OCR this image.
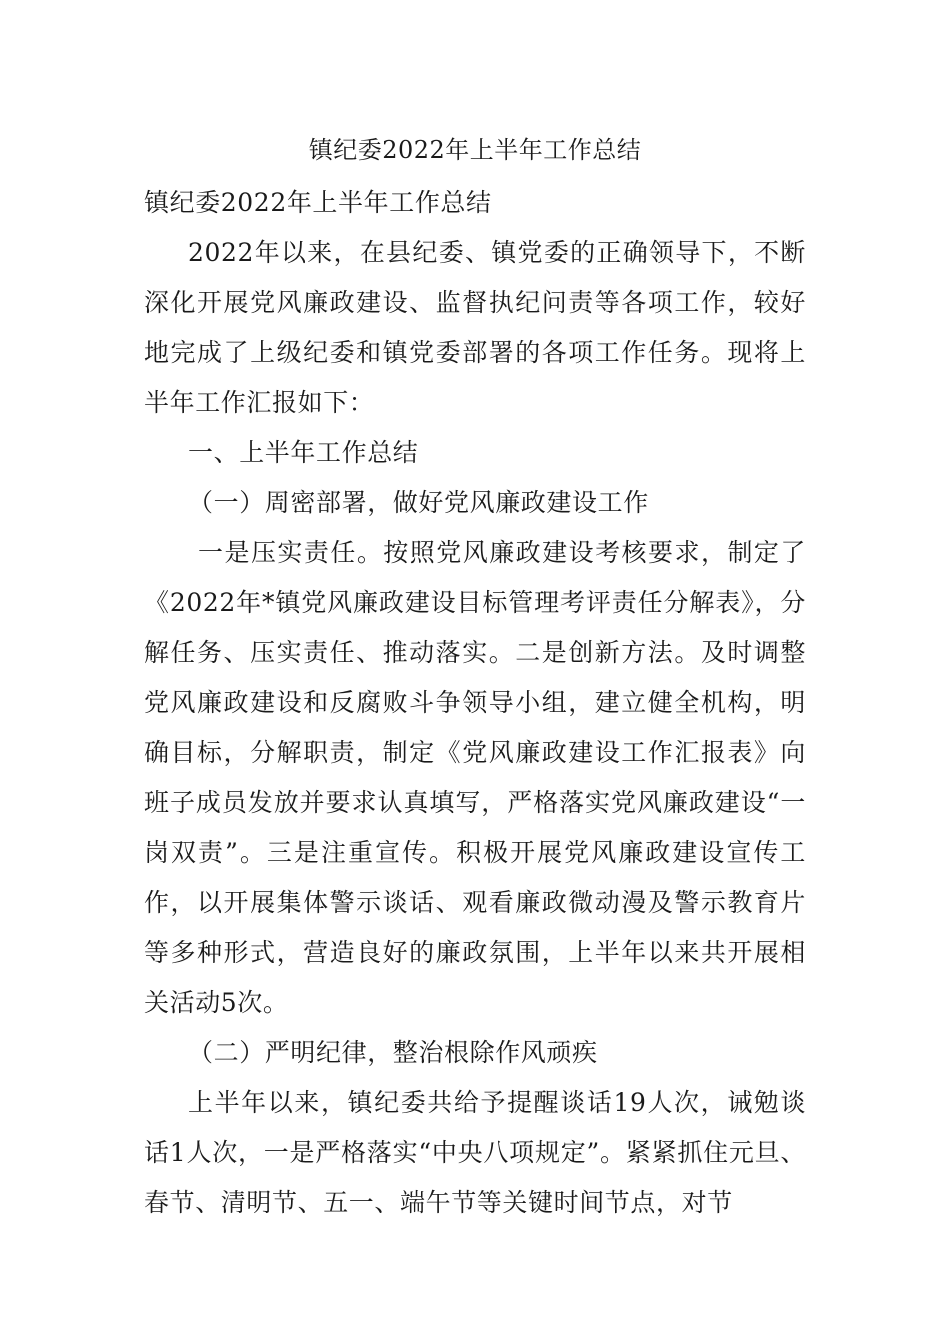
镇纪委2022年上半年工作总结

镇纪委2022年上半年工作总结

2022年以来，在县纪委、镇党委的正确领导下，不断深化开展党风廉政建设、监督执纪问责等各项工作，较好地完成了上级纪委和镇党委部署的各项工作任务。现将上半年工作汇报如下：

一、上半年工作总结

（一）周密部署，做好党风廉政建设工作

一是压实责任。按照党风廉政建设考核要求，制定了《2022年*镇党风廉政建设目标管理考评责任分解表》，分解任务、压实责任、推动落实。二是创新方法。及时调整党风廉政建设和反腐败斗争领导小组，建立健全机构，明确目标，分解职责，制定《党风廉政建设工作汇报表》向班子成员发放并要求认真填写，严格落实党风廉政建设“一岗双责”。三是注重宣传。积极开展党风廉政建设宣传工作，以开展集体警示谈话、观看廉政微动漫及警示教育片等多种形式，营造良好的廉政氛围，上半年以来共开展相关活动5次。

（二）严明纪律，整治根除作风顽疾

上半年以来，镇纪委共给予提醒谈话19人次，诫勉谈话1人次，一是严格落实“中央八项规定”。紧紧抓住元旦、春节、清明节、五一、端午节等关键时间节点，对节
